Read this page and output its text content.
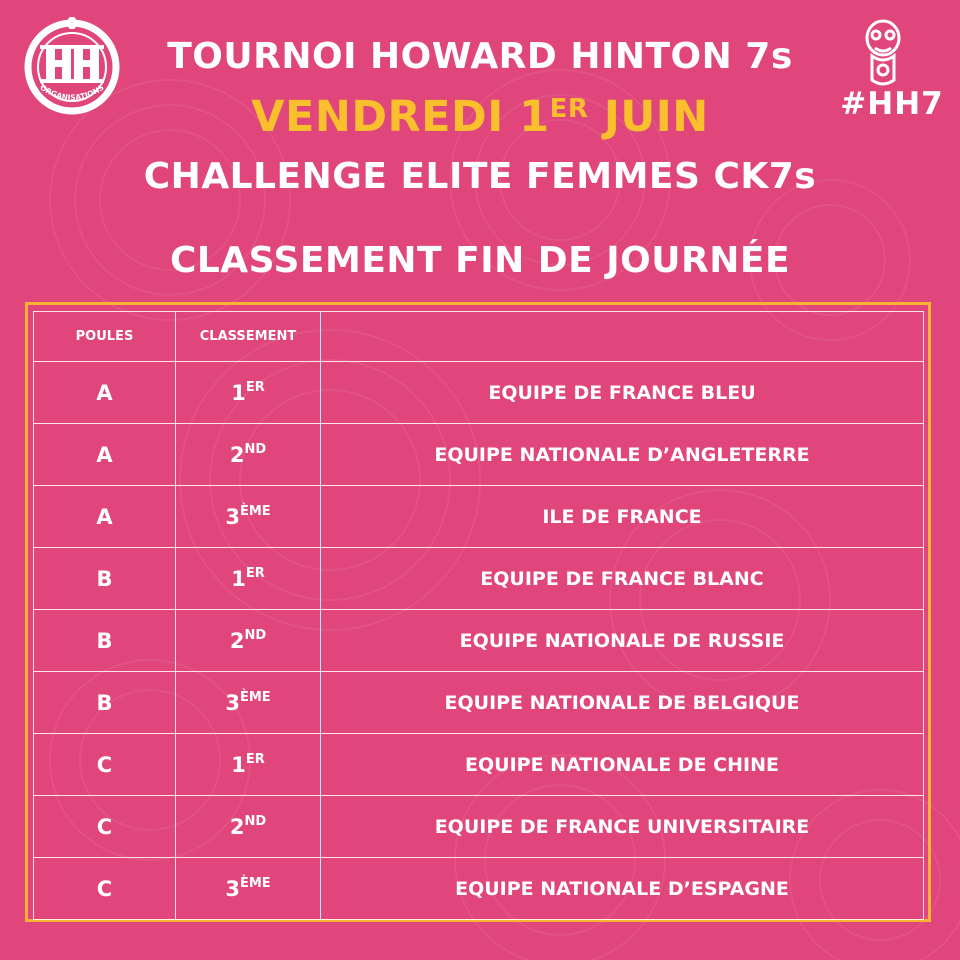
ORGANISATIONS	#HH7
TOURNOI HOWARD HINTON 7s
VENDREDI 1ER JUIN
CHALLENGE ELITE FEMMES CK7s
CLASSEMENT FIN DE JOURNÉE
POULES	CLASSEMENT	
A	1ER	EQUIPE DE FRANCE BLEU
A	2ND	EQUIPE NATIONALE D’ANGLETERRE
A	3ÈME	ILE DE FRANCE
B	1ER	EQUIPE DE FRANCE BLANC
B	2ND	EQUIPE NATIONALE DE RUSSIE
B	3ÈME	EQUIPE NATIONALE DE BELGIQUE
C	1ER	EQUIPE NATIONALE DE CHINE
C	2ND	EQUIPE DE FRANCE UNIVERSITAIRE
C	3ÈME	EQUIPE NATIONALE D’ESPAGNE
